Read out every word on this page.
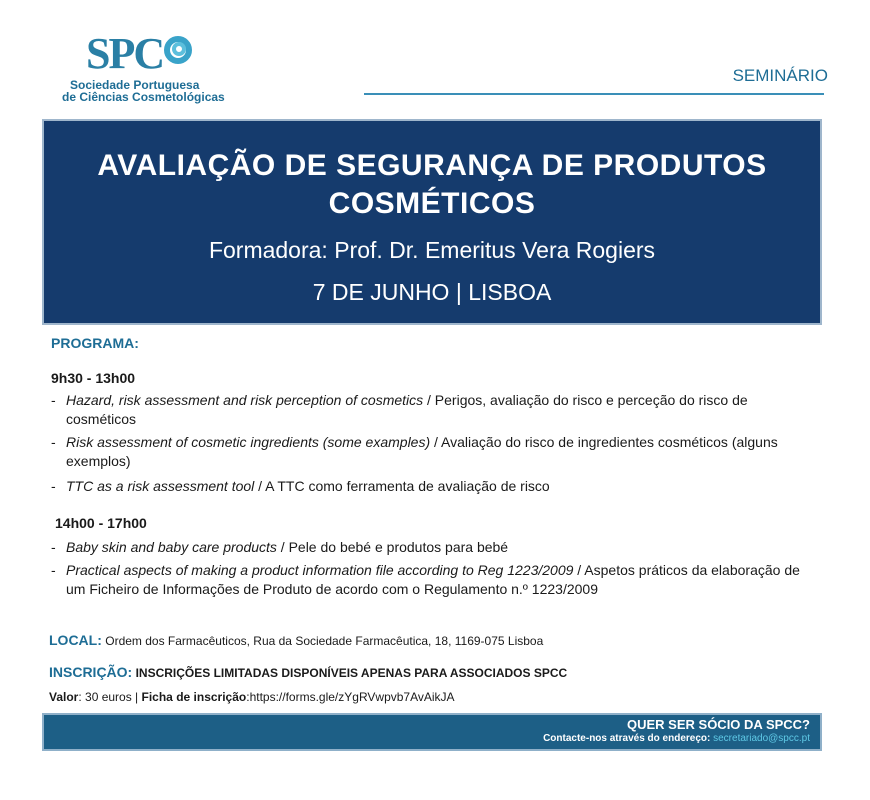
SPC
Sociedade Portuguesa
de Ciências Cosmetológicas
SEMINÁRIO
AVALIAÇÃO DE SEGURANÇA DE PRODUTOS COSMÉTICOS
Formadora: Prof. Dr. Emeritus Vera Rogiers
7 DE JUNHO | LISBOA
PROGRAMA:
9h30 - 13h00
- Hazard, risk assessment and risk perception of cosmetics / Perigos, avaliação do risco e perceção do risco de cosméticos
- Risk assessment of cosmetic ingredients (some examples) / Avaliação do risco de ingredientes cosméticos (alguns exemplos)
- TTC as a risk assessment tool / A TTC como ferramenta de avaliação de risco
14h00 - 17h00
- Baby skin and baby care products / Pele do bebé e produtos para bebé
- Practical aspects of making a product information file according to Reg 1223/2009 / Aspetos práticos da elaboração de um Ficheiro de Informações de Produto de acordo com o Regulamento n.º 1223/2009
LOCAL: Ordem dos Farmacêuticos, Rua da Sociedade Farmacêutica, 18, 1169-075 Lisboa
INSCRIÇÃO: INSCRIÇÕES LIMITADAS DISPONÍVEIS APENAS PARA ASSOCIADOS SPCC
Valor: 30 euros | Ficha de inscrição:https://forms.gle/zYgRVwpvb7AvAikJA
QUER SER SÓCIO DA SPCC?
Contacte-nos através do endereço: secretariado@spcc.pt
